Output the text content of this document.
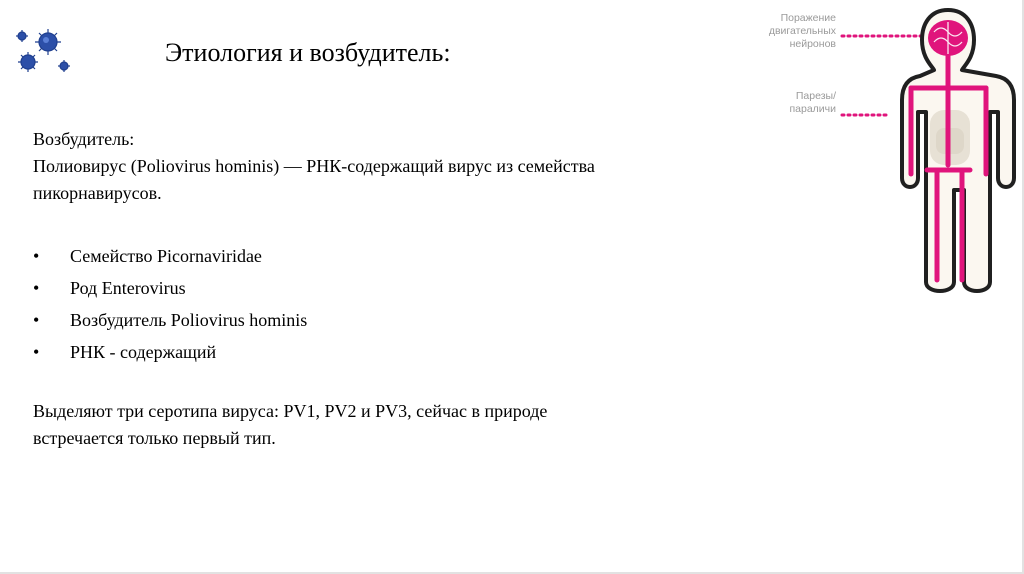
Этиология и возбудитель:

Возбудитель:

Полиовирус (Poliovirus hominis) — РНК-содержащий вирус из семейства

пикорнавирусов.

• Семейство Picornaviridae
• Род Enterovirus
• Возбудитель Poliovirus hominis
• РНК - содержащий

Выделяют три серотипа вируса: PV1, PV2 и PV3, сейчас в природе

встречается только первый тип.

Поражение
двигательных
нейронов
Парезы/
параличи
